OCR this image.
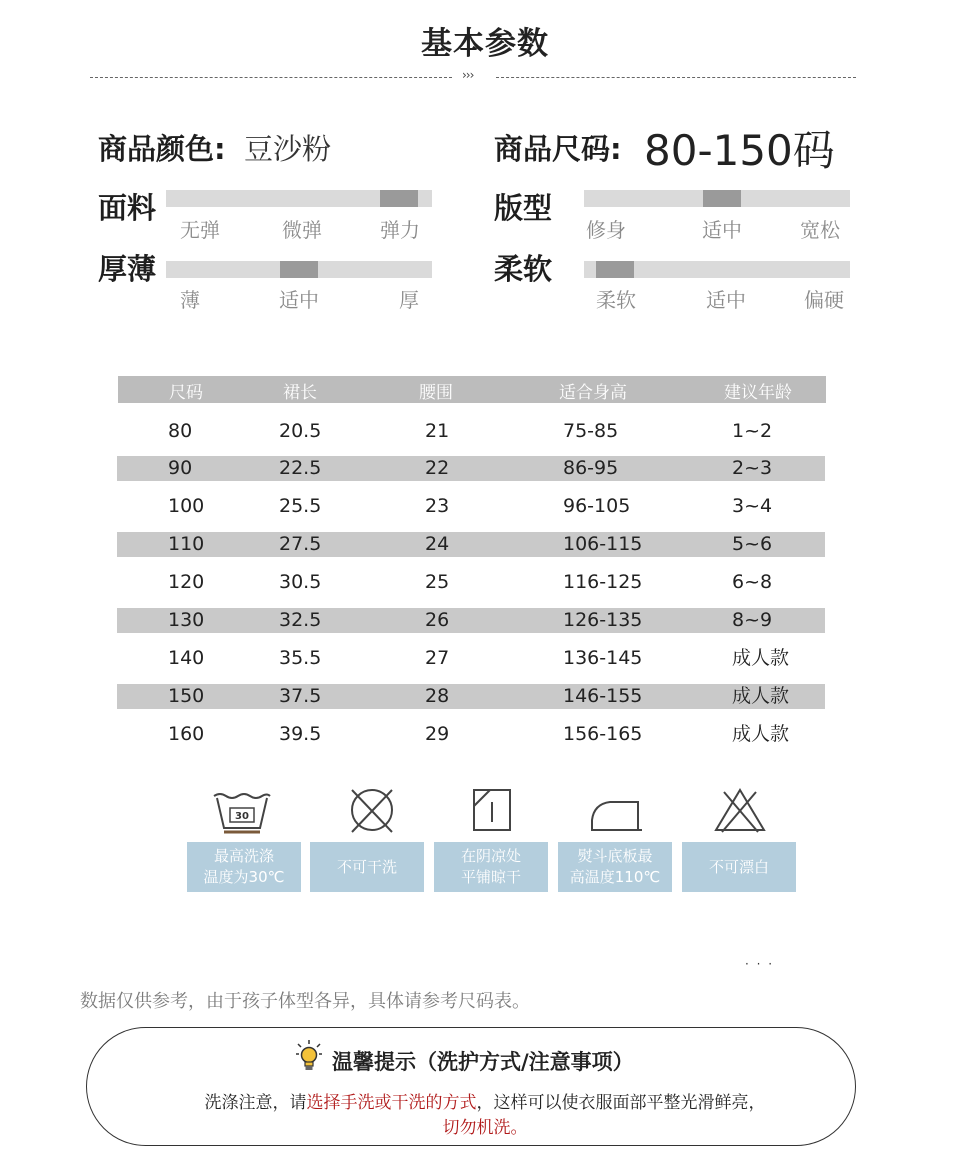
基本参数
›››
商品颜色: 豆沙粉	商品尺码: 80-150码
面料
无弹	微弹	弹力
版型
修身	适中	宽松
厚薄
薄	适中	厚
柔软
柔软	适中	偏硬
尺码	裙长	腰围	适合身高	建议年龄
80	20.5	21	75-85	1~2
90	22.5	22	86-95	2~3
100	25.5	23	96-105	3~4
110	27.5	24	106-115	5~6
120	30.5	25	116-125	6~8
130	32.5	26	126-135	8~9
140	35.5	27	136-145	成人款
150	37.5	28	146-155	成人款
160	39.5	29	156-165	成人款
30
最高洗涤
温度为30℃
不可干洗
在阴凉处
平铺晾干
熨斗底板最
高温度110℃
不可漂白
· · ·
数据仅供参考，由于孩子体型各异，具体请参考尺码表。
温馨提示（洗护方式/注意事项）
洗涤注意，请选择手洗或干洗的方式，这样可以使衣服面部平整光滑鲜亮，
切勿机洗。
